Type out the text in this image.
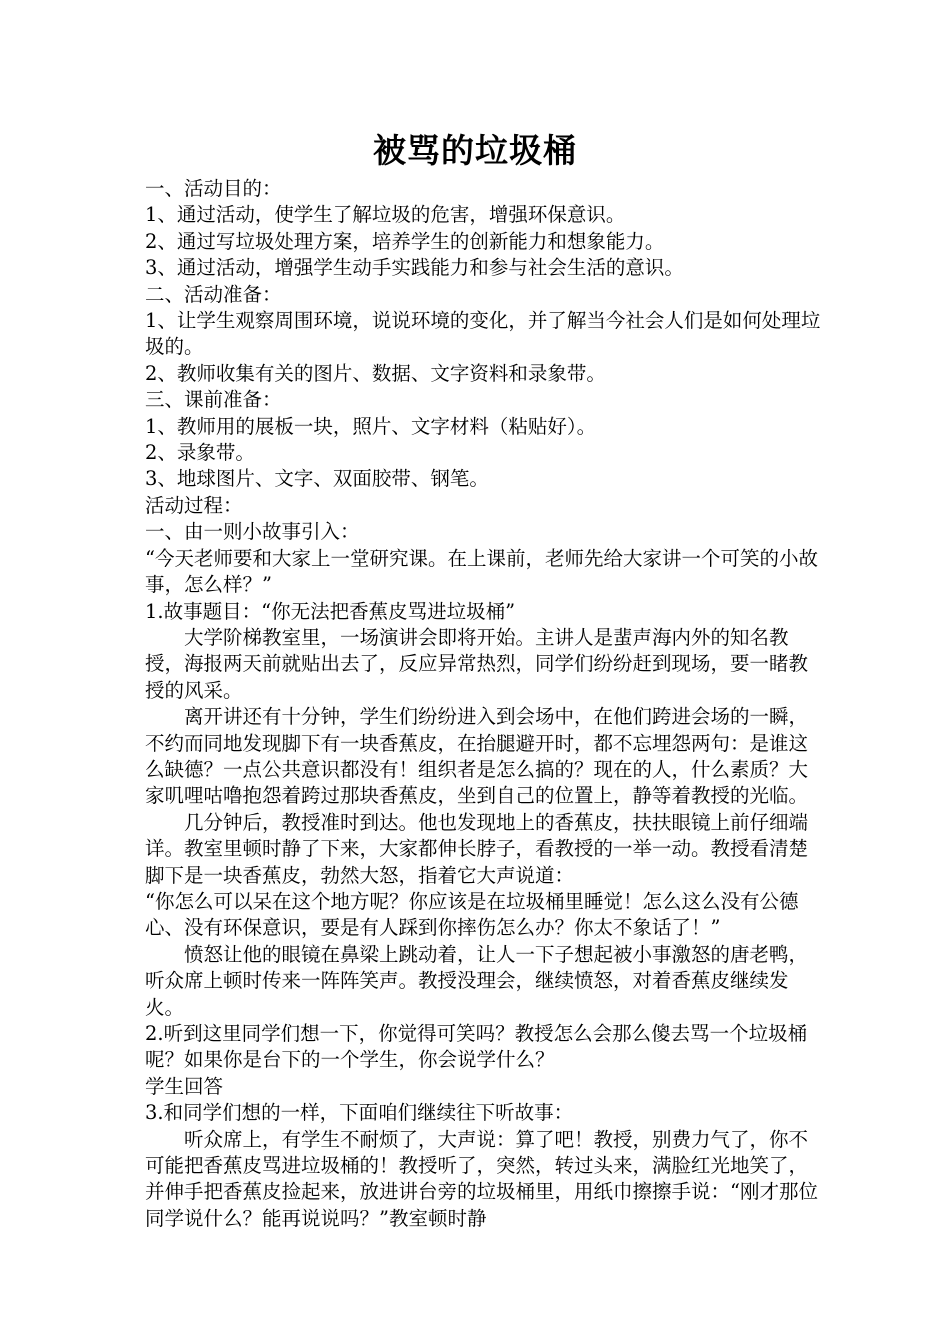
被骂的垃圾桶

一、活动目的：

1、通过活动，使学生了解垃圾的危害，增强环保意识。

2、通过写垃圾处理方案，培养学生的创新能力和想象能力。

3、通过活动，增强学生动手实践能力和参与社会生活的意识。

二、活动准备：

1、让学生观察周围环境，说说环境的变化，并了解当今社会人们是如何处理垃圾的。

2、教师收集有关的图片、数据、文字资料和录象带。

三、课前准备：

1、教师用的展板一块，照片、文字材料（粘贴好）。

2、录象带。

3、地球图片、文字、双面胶带、钢笔。

活动过程：

一、由一则小故事引入：

“今天老师要和大家上一堂研究课。在上课前，老师先给大家讲一个可笑的小故事，怎么样？”

1.故事题目：“你无法把香蕉皮骂进垃圾桶”

大学阶梯教室里，一场演讲会即将开始。主讲人是蜚声海内外的知名教授，海报两天前就贴出去了，反应异常热烈，同学们纷纷赶到现场，要一睹教授的风采。

离开讲还有十分钟，学生们纷纷进入到会场中，在他们跨进会场的一瞬，不约而同地发现脚下有一块香蕉皮，在抬腿避开时，都不忘埋怨两句：是谁这么缺德？一点公共意识都没有！组织者是怎么搞的？现在的人，什么素质？大家叽哩咕噜抱怨着跨过那块香蕉皮，坐到自己的位置上，静等着教授的光临。

几分钟后，教授准时到达。他也发现地上的香蕉皮，扶扶眼镜上前仔细端详。教室里顿时静了下来，大家都伸长脖子，看教授的一举一动。教授看清楚脚下是一块香蕉皮，勃然大怒，指着它大声说道：

“你怎么可以呆在这个地方呢？你应该是在垃圾桶里睡觉！怎么这么没有公德心、没有环保意识，要是有人踩到你摔伤怎么办？你太不象话了！”

愤怒让他的眼镜在鼻梁上跳动着，让人一下子想起被小事激怒的唐老鸭，听众席上顿时传来一阵阵笑声。教授没理会，继续愤怒，对着香蕉皮继续发火。

2.听到这里同学们想一下，你觉得可笑吗？教授怎么会那么傻去骂一个垃圾桶呢？如果你是台下的一个学生，你会说学什么？

学生回答

3.和同学们想的一样，下面咱们继续往下听故事：

听众席上，有学生不耐烦了，大声说：算了吧！教授，别费力气了，你不可能把香蕉皮骂进垃圾桶的！教授听了，突然，转过头来，满脸红光地笑了，并伸手把香蕉皮捡起来，放进讲台旁的垃圾桶里，用纸巾擦擦手说：“刚才那位同学说什么？能再说说吗？”教室顿时静
